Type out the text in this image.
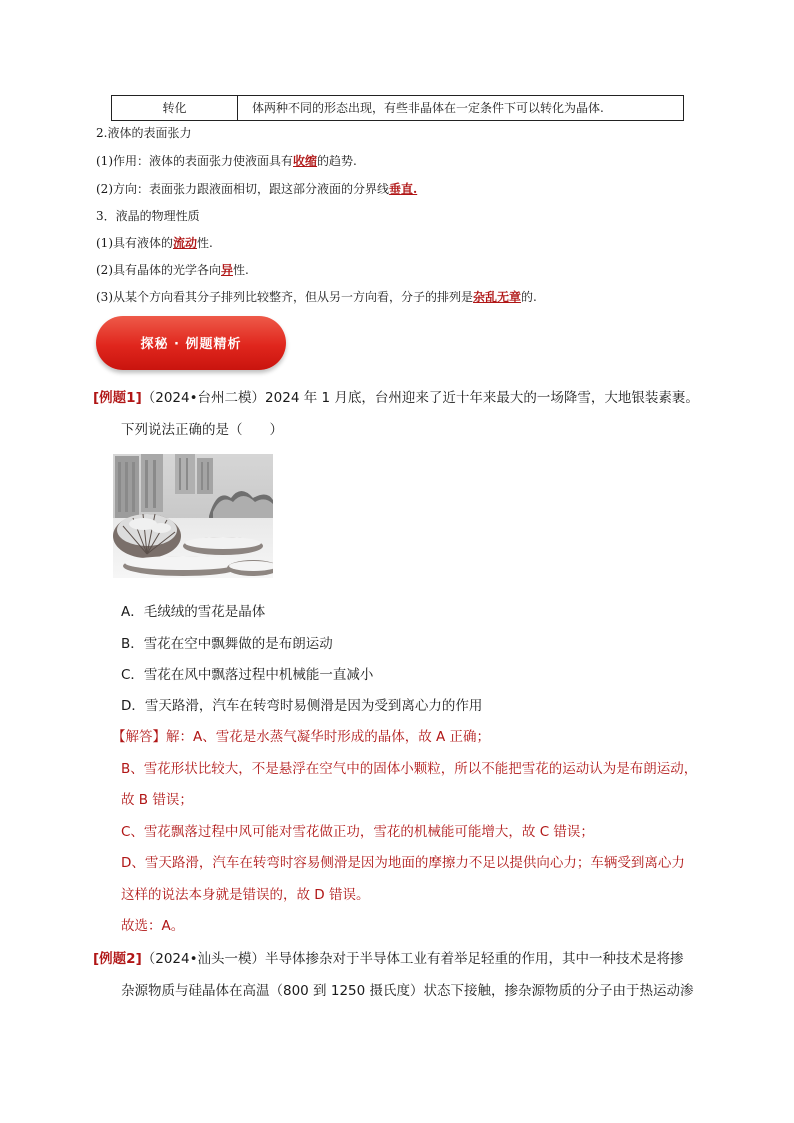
转化	体两种不同的形态出现，有些非晶体在一定条件下可以转化为晶体.
2.液体的表面张力
(1)作用：液体的表面张力使液面具有收缩的趋势.
(2)方向：表面张力跟液面相切，跟这部分液面的分界线垂直.
3．液晶的物理性质
(1)具有液体的流动性.
(2)具有晶体的光学各向异性.
(3)从某个方向看其分子排列比较整齐，但从另一方向看，分子的排列是杂乱无章的.
探秘 · 例题精析
[例题1]（2024•台州二模）2024 年 1 月底，台州迎来了近十年来最大的一场降雪，大地银装素裹。
下列说法正确的是（　　）
A．毛绒绒的雪花是晶体
B．雪花在空中飘舞做的是布朗运动
C．雪花在风中飘落过程中机械能一直减小
D．雪天路滑，汽车在转弯时易侧滑是因为受到离心力的作用
【解答】解：A、雪花是水蒸气凝华时形成的晶体，故 A 正确；
B、雪花形状比较大，不是悬浮在空气中的固体小颗粒，所以不能把雪花的运动认为是布朗运动，
故 B 错误；
C、雪花飘落过程中风可能对雪花做正功，雪花的机械能可能增大，故 C 错误；
D、雪天路滑，汽车在转弯时容易侧滑是因为地面的摩擦力不足以提供向心力；车辆受到离心力
这样的说法本身就是错误的，故 D 错误。
故选：A。
[例题2]（2024•汕头一模）半导体掺杂对于半导体工业有着举足轻重的作用，其中一种技术是将掺
杂源物质与硅晶体在高温（800 到 1250 摄氏度）状态下接触，掺杂源物质的分子由于热运动渗
